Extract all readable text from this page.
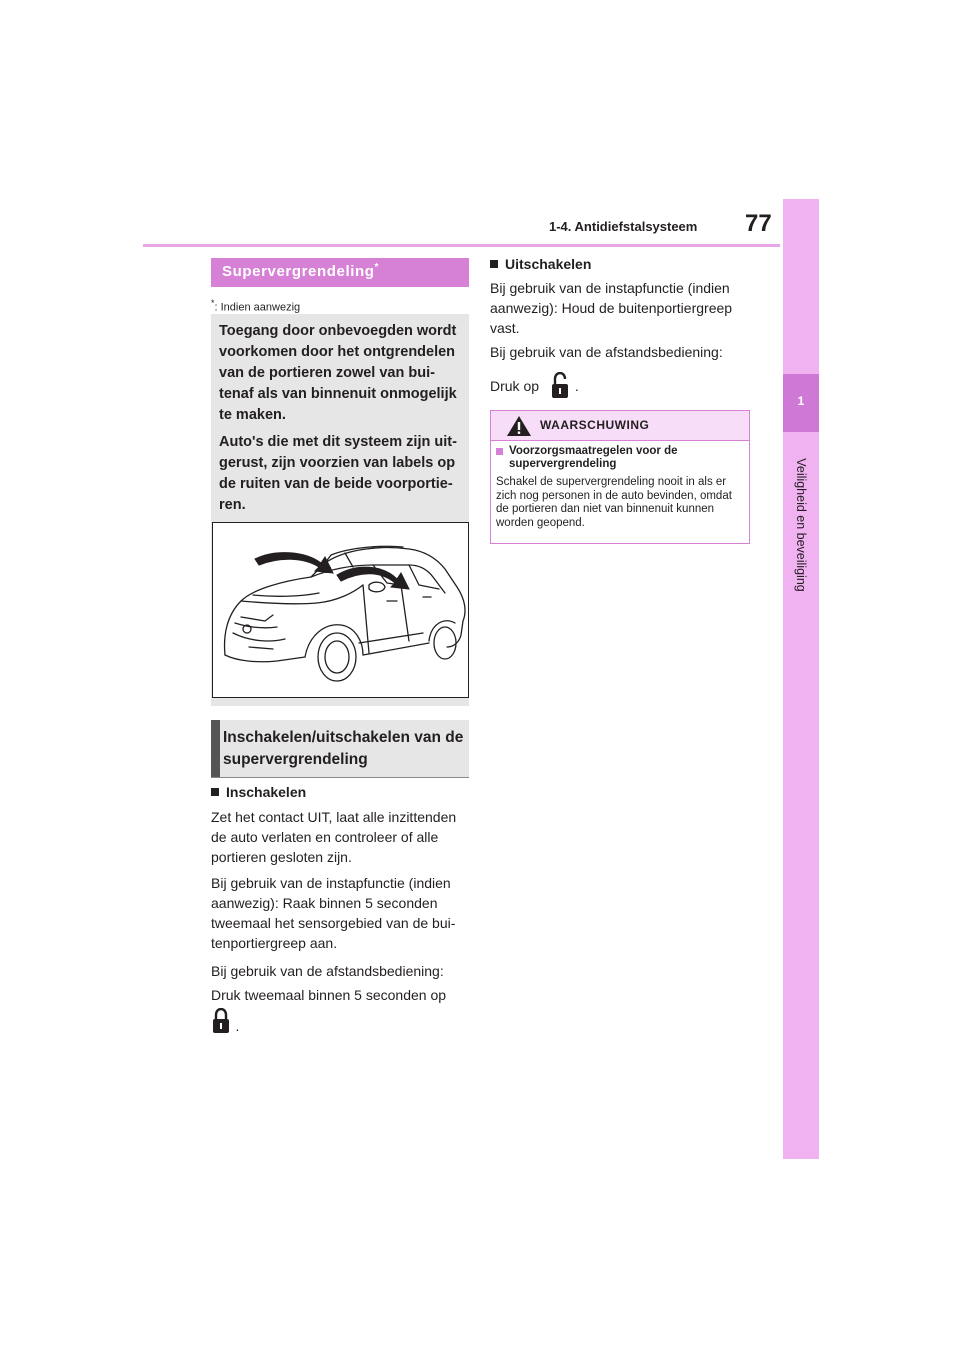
1-4. Antidiefstalsysteem 77
1
Veiligheid en beveiliging
Supervergrendeling*
*: Indien aanwezig

Toegang door onbevoegden wordt voorkomen door het ontgrendelen van de portieren zowel van bui-tenaf als van binnenuit onmogelijk te maken.

Auto's die met dit systeem zijn uit-gerust, zijn voorzien van labels op de ruiten van de beide voorportie-ren.

Inschakelen/uitschakelen van de supervergrendeling
Inschakelen
Zet het contact UIT, laat alle inzittenden de auto verlaten en controleer of alle portieren gesloten zijn.
Bij gebruik van de instapfunctie (indien aanwezig): Raak binnen 5 seconden tweemaal het sensorgebied van de bui-tenportiergreep aan.
Bij gebruik van de afstandsbediening:
Druk tweemaal binnen 5 seconden op
.
Uitschakelen
Bij gebruik van de instapfunctie (indien aanwezig): Houd de buitenportiergreep vast.
Bij gebruik van de afstandsbediening:
Druk op	.
WAARSCHUWING
Voorzorgsmaatregelen voor de supervergrendeling
Schakel de supervergrendeling nooit in als er zich nog personen in de auto bevinden, omdat de portieren dan niet van binnenuit kunnen worden geopend.
